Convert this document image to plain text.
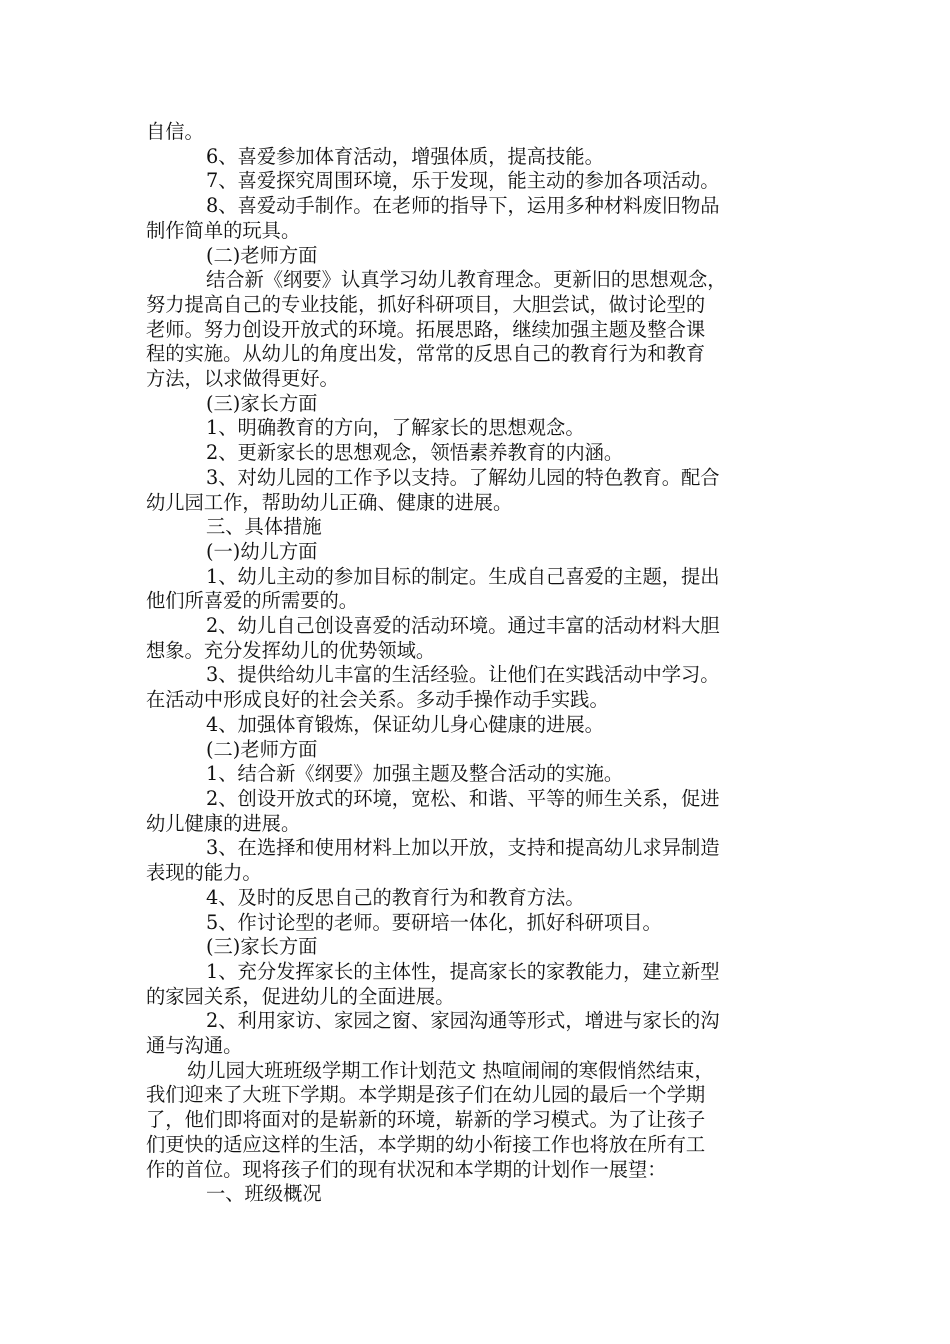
自信。

6、喜爱参加体育活动，增强体质，提高技能。

7、喜爱探究周围环境，乐于发现，能主动的参加各项活动。

8、喜爱动手制作。在老师的指导下，运用多种材料废旧物品

制作简单的玩具。

(二)老师方面

结合新《纲要》认真学习幼儿教育理念。更新旧的思想观念，

努力提高自己的专业技能，抓好科研项目，大胆尝试，做讨论型的

老师。努力创设开放式的环境。拓展思路，继续加强主题及整合课

程的实施。从幼儿的角度出发，常常的反思自己的教育行为和教育

方法，以求做得更好。

(三)家长方面

1、明确教育的方向，了解家长的思想观念。

2、更新家长的思想观念，领悟素养教育的内涵。

3、对幼儿园的工作予以支持。了解幼儿园的特色教育。配合

幼儿园工作，帮助幼儿正确、健康的进展。

三、具体措施

(一)幼儿方面

1、幼儿主动的参加目标的制定。生成自己喜爱的主题，提出

他们所喜爱的所需要的。

2、幼儿自己创设喜爱的活动环境。通过丰富的活动材料大胆

想象。充分发挥幼儿的优势领域。

3、提供给幼儿丰富的生活经验。让他们在实践活动中学习。

在活动中形成良好的社会关系。多动手操作动手实践。

4、加强体育锻炼，保证幼儿身心健康的进展。

(二)老师方面

1、结合新《纲要》加强主题及整合活动的实施。

2、创设开放式的环境，宽松、和谐、平等的师生关系，促进

幼儿健康的进展。

3、在选择和使用材料上加以开放，支持和提高幼儿求异制造

表现的能力。

4、及时的反思自己的教育行为和教育方法。

5、作讨论型的老师。要研培一体化，抓好科研项目。

(三)家长方面

1、充分发挥家长的主体性，提高家长的家教能力，建立新型

的家园关系，促进幼儿的全面进展。

2、利用家访、家园之窗、家园沟通等形式，增进与家长的沟

通与沟通。

幼儿园大班班级学期工作计划范文 热喧闹闹的寒假悄然结束，

我们迎来了大班下学期。本学期是孩子们在幼儿园的最后一个学期

了，他们即将面对的是崭新的环境，崭新的学习模式。为了让孩子

们更快的适应这样的生活，本学期的幼小衔接工作也将放在所有工

作的首位。现将孩子们的现有状况和本学期的计划作一展望：

一、班级概况
